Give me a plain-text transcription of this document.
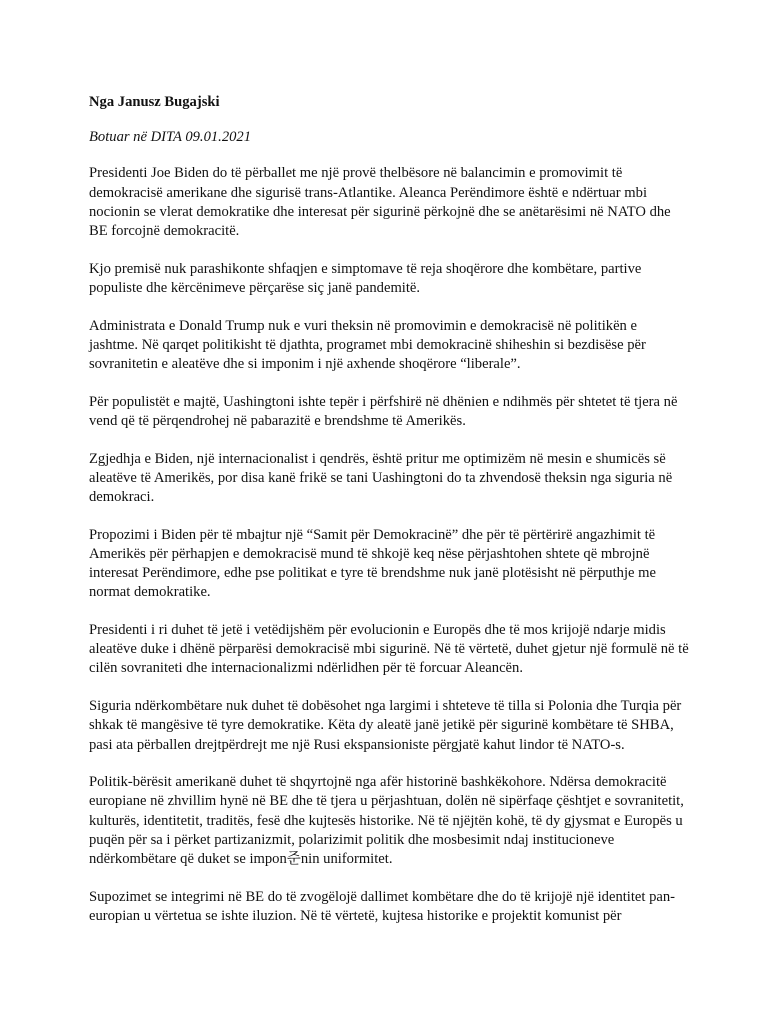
Nga Janusz Bugajski

Botuar në DITA 09.01.2021

Presidenti Joe Biden do të përballet me një provë thelbësore në balancimin e promovimit të demokracisë amerikane dhe sigurisë trans-Atlantike. Aleanca Perëndimore është e ndërtuar mbi nocionin se vlerat demokratike dhe interesat për sigurinë përkojnë dhe se anëtarësimi në NATO dhe BE forcojnë demokracitë.

Kjo premisë nuk parashikonte shfaqjen e simptomave të reja shoqërore dhe kombëtare, partive populiste dhe kërcënimeve përçarëse siç janë pandemitë.

Administrata e Donald Trump nuk e vuri theksin në promovimin e demokracisë në politikën e jashtme. Në qarqet politikisht të djathta, programet mbi demokracinë shiheshin si bezdisëse për sovranitetin e aleatëve dhe si imponim i një axhende shoqërore “liberale”.

Për populistët e majtë, Uashingtoni ishte tepër i përfshirë në dhënien e ndihmës për shtetet të tjera në vend që të përqendrohej në pabarazitë e brendshme të Amerikës.

Zgjedhja e Biden, një internacionalist i qendrës, është pritur me optimizëm në mesin e shumicës së aleatëve të Amerikës, por disa kanë frikë se tani Uashingtoni do ta zhvendosë theksin nga siguria në demokraci.

Propozimi i Biden për të mbajtur një “Samit për Demokracinë” dhe për të përtërirë angazhimit të Amerikës për përhapjen e demokracisë mund të shkojë keq nëse përjashtohen shtete që mbrojnë interesat Perëndimore, edhe pse politikat e tyre të brendshme nuk janë plotësisht në përputhje me normat demokratike.

Presidenti i ri duhet të jetë i vetëdijshëm për evolucionin e Europës dhe të mos krijojë ndarje midis aleatëve duke i dhënë përparësi demokracisë mbi sigurinë. Në të vërtetë, duhet gjetur një formulë në të cilën sovraniteti dhe internacionalizmi ndërlidhen për të forcuar Aleancën.

Siguria ndërkombëtare nuk duhet të dobësohet nga largimi i shteteve të tilla si Polonia dhe Turqia për shkak të mangësive të tyre demokratike. Këta dy aleatë janë jetikë për sigurinë kombëtare të SHBA, pasi ata përballen drejtpërdrejt me një Rusi ekspansioniste përgjatë kahut lindor të NATO-s.

Politik-bërësit amerikanë duhet të shqyrtojnë nga afër historinë bashkëkohore. Ndërsa demokracitë europiane në zhvillim hynë në BE dhe të tjera u përjashtuan, dolën në sipërfaqe çështjet e sovranitetit, kulturës, identitetit, traditës, fesë dhe kujtesës historike. Në të njëjtën kohë, të dy gjysmat e Europës u puqën për sa i përket partizanizmit, polarizimit politik dhe mosbesimit ndaj institucioneve ndërkombëtare që duket se impon준nin uniformitet.

Supozimet se integrimi në BE do të zvogëlojë dallimet kombëtare dhe do të krijojë një identitet pan-europian u vërtetua se ishte iluzion. Në të vërtetë, kujtesa historike e projektit komunist për
